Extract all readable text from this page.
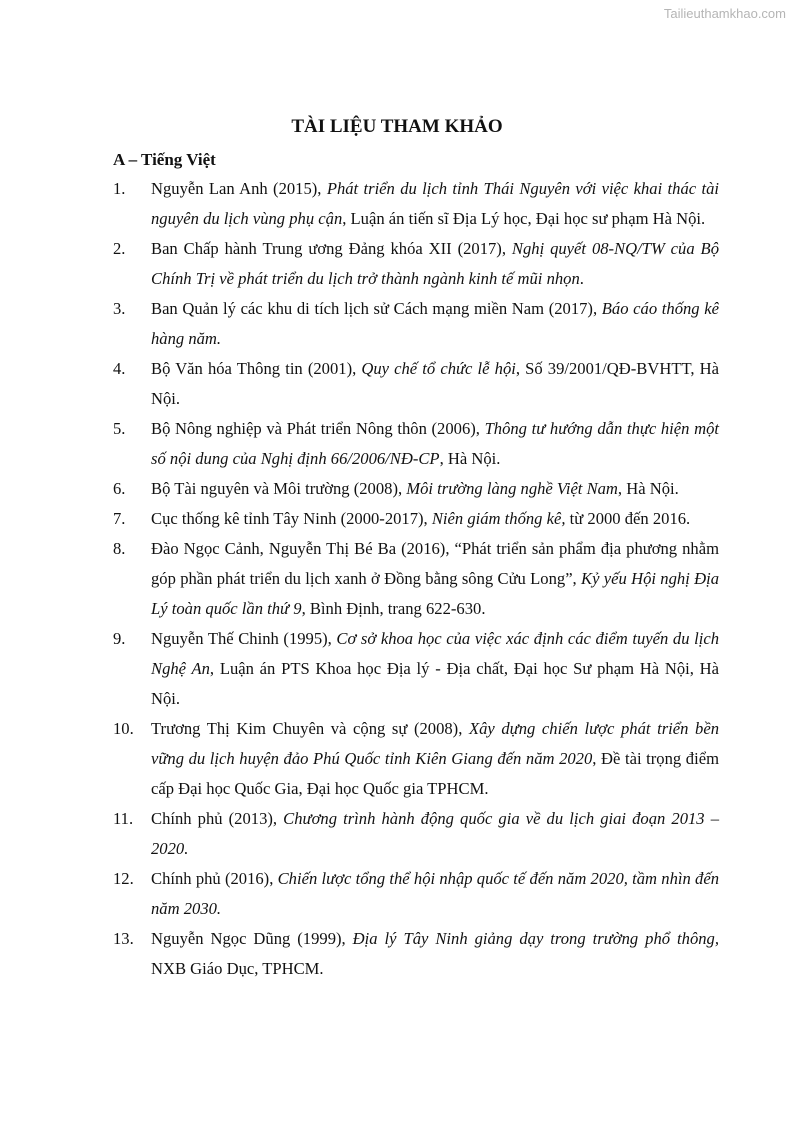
Tailieuthamkhao.com
TÀI LIỆU THAM KHẢO
A – Tiếng Việt
1. Nguyễn Lan Anh (2015), Phát triển du lịch tỉnh Thái Nguyên với việc khai thác tài nguyên du lịch vùng phụ cận, Luận án tiến sĩ Địa Lý học, Đại học sư phạm Hà Nội.
2. Ban Chấp hành Trung ương Đảng khóa XII (2017), Nghị quyết 08-NQ/TW của Bộ Chính Trị về phát triển du lịch trở thành ngành kinh tế mũi nhọn.
3. Ban Quản lý các khu di tích lịch sử Cách mạng miền Nam (2017), Báo cáo thống kê hàng năm.
4. Bộ Văn hóa Thông tin (2001), Quy chế tổ chức lễ hội, Số 39/2001/QĐ-BVHTT, Hà Nội.
5. Bộ Nông nghiệp và Phát triển Nông thôn (2006), Thông tư hướng dẫn thực hiện một số nội dung của Nghị định 66/2006/NĐ-CP, Hà Nội.
6. Bộ Tài nguyên và Môi trường (2008), Môi trường làng nghề Việt Nam, Hà Nội.
7. Cục thống kê tỉnh Tây Ninh (2000-2017), Niên giám thống kê, từ 2000 đến 2016.
8. Đào Ngọc Cảnh, Nguyễn Thị Bé Ba (2016), “Phát triển sản phẩm địa phương nhằm góp phần phát triển du lịch xanh ở Đồng bằng sông Cửu Long”, Kỷ yếu Hội nghị Địa Lý toàn quốc lần thứ 9, Bình Định, trang 622-630.
9. Nguyễn Thế Chinh (1995), Cơ sở khoa học của việc xác định các điểm tuyến du lịch Nghệ An, Luận án PTS Khoa học Địa lý - Địa chất, Đại học Sư phạm Hà Nội, Hà Nội.
10. Trương Thị Kim Chuyên và cộng sự (2008), Xây dựng chiến lược phát triển bền vững du lịch huyện đảo Phú Quốc tỉnh Kiên Giang đến năm 2020, Đề tài trọng điểm cấp Đại học Quốc Gia, Đại học Quốc gia TPHCM.
11. Chính phủ (2013), Chương trình hành động quốc gia về du lịch giai đoạn 2013 – 2020.
12. Chính phủ (2016), Chiến lược tổng thể hội nhập quốc tế đến năm 2020, tầm nhìn đến năm 2030.
13. Nguyễn Ngọc Dũng (1999), Địa lý Tây Ninh giảng dạy trong trường phổ thông, NXB Giáo Dục, TPHCM.
